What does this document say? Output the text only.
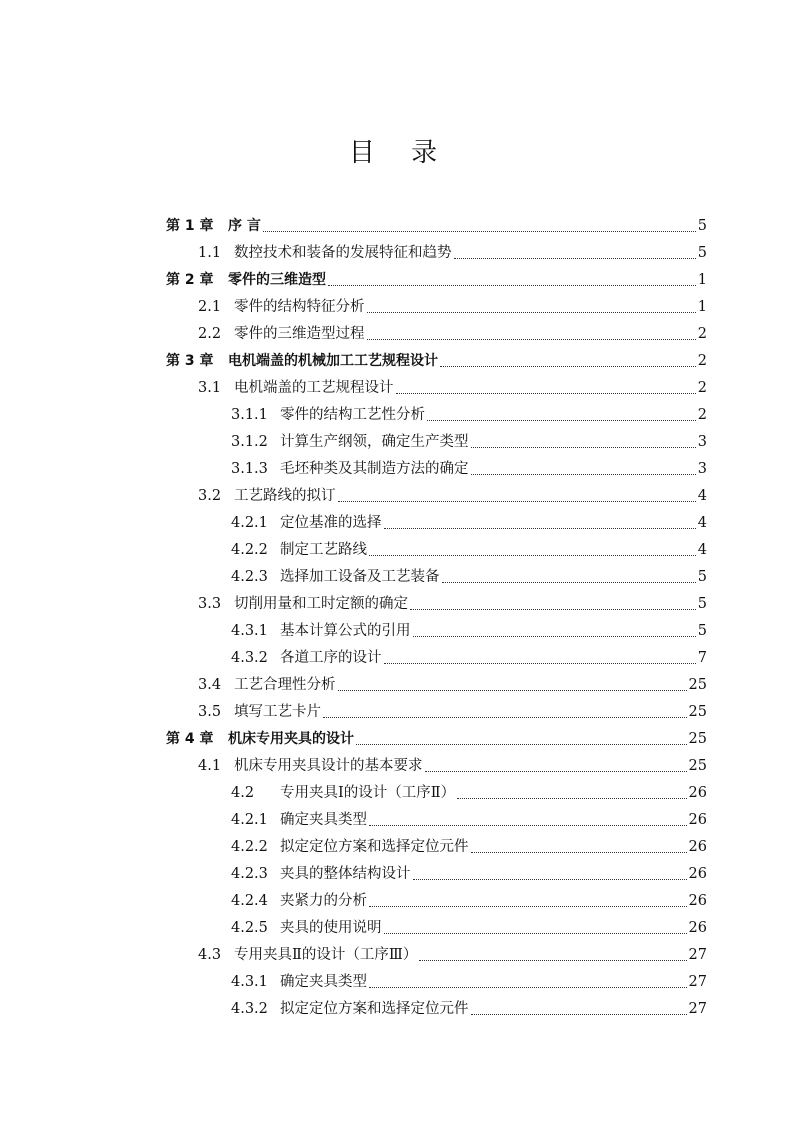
目 录
第 1 章	序 言	5
1.1 数控技术和装备的发展特征和趋势	5
第 2 章	零件的三维造型	1
2.1 零件的结构特征分析	1
2.2 零件的三维造型过程	2
第 3 章	电机端盖的机械加工工艺规程设计	2
3.1 电机端盖的工艺规程设计	2
3.1.1 零件的结构工艺性分析	2
3.1.2 计算生产纲领，确定生产类型	3
3.1.3 毛坯种类及其制造方法的确定	3
3.2 工艺路线的拟订	4
4.2.1 定位基准的选择	4
4.2.2 制定工艺路线	4
4.2.3 选择加工设备及工艺装备	5
3.3 切削用量和工时定额的确定	5
4.3.1 基本计算公式的引用	5
4.3.2 各道工序的设计	7
3.4 工艺合理性分析	25
3.5 填写工艺卡片	25
第 4 章	机床专用夹具的设计	25
4.1 机床专用夹具设计的基本要求	25
4.2	专用夹具Ⅰ的设计（工序Ⅱ）	26
4.2.1 确定夹具类型	26
4.2.2 拟定定位方案和选择定位元件	26
4.2.3 夹具的整体结构设计	26
4.2.4 夹紧力的分析	26
4.2.5 夹具的使用说明	26
4.3 专用夹具Ⅱ的设计（工序Ⅲ）	27
4.3.1 确定夹具类型	27
4.3.2 拟定定位方案和选择定位元件	27
